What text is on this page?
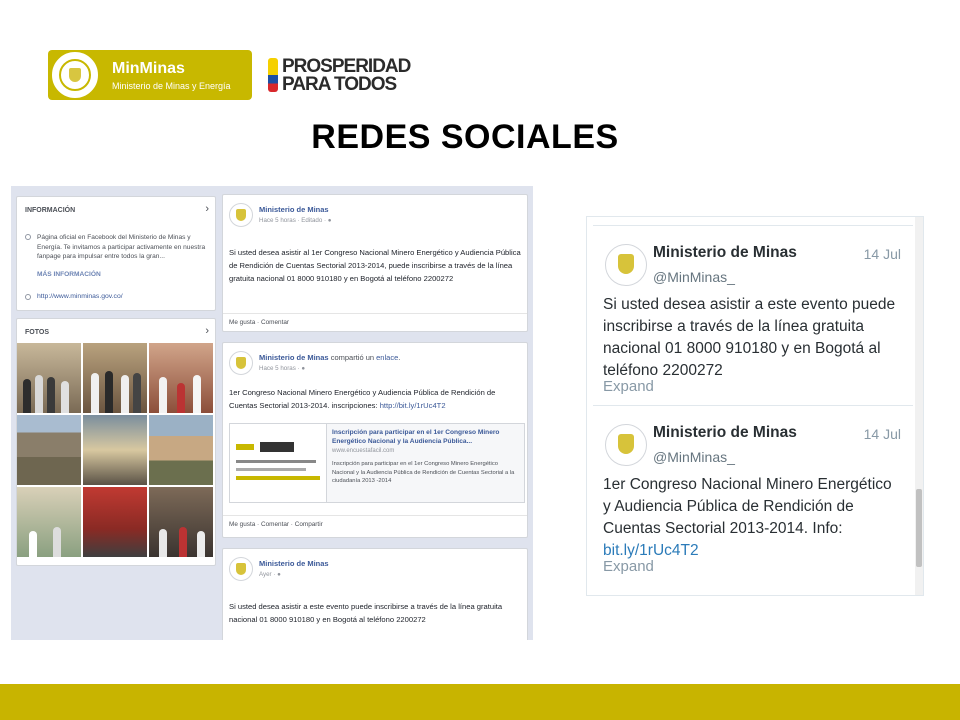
MinMinas
Ministerio de Minas y Energía
PROSPERIDAD
PARA TODOS
REDES SOCIALES
INFORMACIÓN	›
Página oficial en Facebook del Ministerio de Minas y Energía. Te invitamos a participar activamente en nuestra fanpage para impulsar entre todos la gran...
MÁS INFORMACIÓN
http://www.minminas.gov.co/
FOTOS	›
Ministerio de Minas
Hace 5 horas · Editado · ●
Si usted desea asistir al 1er Congreso Nacional Minero Energético y Audiencia Pública de Rendición de Cuentas Sectorial 2013-2014, puede inscribirse a través de la línea gratuita nacional 01 8000 910180 y en Bogotá al teléfono 2200272
Me gusta · Comentar
Ministerio de Minas compartió un enlace.
Hace 5 horas · ●
1er Congreso Nacional Minero Energético y Audiencia Pública de Rendición de Cuentas Sectorial 2013-2014. inscripciones: http://bit.ly/1rUc4T2
Inscripción para participar en el 1er Congreso Minero Energético Nacional y la Audiencia Pública...
www.encuestafacil.com
Inscripción para participar en el 1er Congreso Minero Energético Nacional y la Audiencia Pública de Rendición de Cuentas Sectorial a la ciudadanía 2013 -2014
Me gusta · Comentar · Compartir
Ministerio de Minas
Ayer · ●
Si usted desea asistir a este evento puede inscribirse a través de la línea gratuita nacional 01 8000 910180 y en Bogotá al teléfono 2200272
Ministerio de Minas
@MinMinas_
14 Jul
Si usted desea asistir a este evento puede inscribirse a través de la línea gratuita nacional 01 8000 910180 y en Bogotá al teléfono 2200272
Expand
Ministerio de Minas
@MinMinas_
14 Jul
1er Congreso Nacional Minero Energético y Audiencia Pública de Rendición de Cuentas Sectorial 2013-2014. Info: bit.ly/1rUc4T2
Expand
